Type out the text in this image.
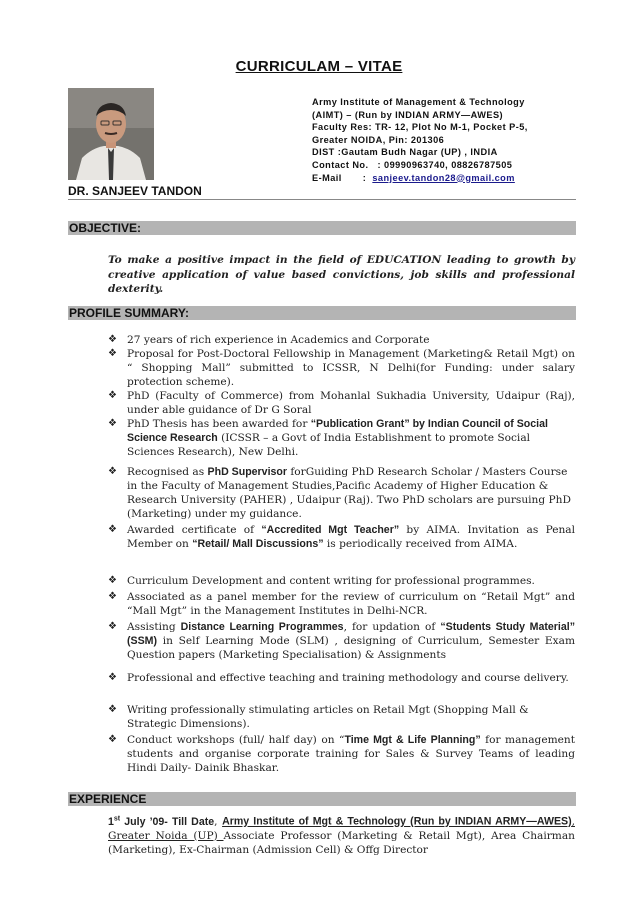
CURRICULAM – VITAE
Army Institute of Management & Technology
(AIMT) – (Run by INDIAN ARMY—AWES)
Faculty Res: TR- 12, Plot No M-1, Pocket P-5,
Greater NOIDA, Pin: 201306
DIST :Gautam Budh Nagar (UP) , INDIA
Contact No. : 09990963740, 08826787505
E-Mail : sanjeev.tandon28@gmail.com
DR. SANJEEV TANDON
OBJECTIVE:
To make a positive impact in the field of EDUCATION leading to growth by creative application of value based convictions, job skills and professional dexterity.
PROFILE SUMMARY:
❖ 27 years of rich experience in Academics and Corporate
❖ Proposal for Post-Doctoral Fellowship in Management (Marketing& Retail Mgt) on “ Shopping Mall” submitted to ICSSR, N Delhi(for Funding: under salary protection scheme).
❖ PhD (Faculty of Commerce) from Mohanlal Sukhadia University, Udaipur (Raj), under able guidance of Dr G Soral
❖ PhD Thesis has been awarded for “Publication Grant” by Indian Council of Social Science Research (ICSSR – a Govt of India Establishment to promote Social Sciences Research), New Delhi.
❖ Recognised as PhD Supervisor forGuiding PhD Research Scholar / Masters Course in the Faculty of Management Studies,Pacific Academy of Higher Education & Research University (PAHER) , Udaipur (Raj). Two PhD scholars are pursuing PhD (Marketing) under my guidance.
❖ Awarded certificate of “Accredited Mgt Teacher” by AIMA. Invitation as Penal Member on “Retail/ Mall Discussions” is periodically received from AIMA.
❖ Curriculum Development and content writing for professional programmes.
❖ Associated as a panel member for the review of curriculum on “Retail Mgt” and “Mall Mgt” in the Management Institutes in Delhi-NCR.
❖ Assisting Distance Learning Programmes, for updation of “Students Study Material” (SSM) in Self Learning Mode (SLM) , designing of Curriculum, Semester Exam Question papers (Marketing Specialisation) & Assignments
❖ Professional and effective teaching and training methodology and course delivery.
❖ Writing professionally stimulating articles on Retail Mgt (Shopping Mall & Strategic Dimensions).
❖ Conduct workshops (full/ half day) on “Time Mgt & Life Planning” for management students and organise corporate training for Sales & Survey Teams of leading Hindi Daily- Dainik Bhaskar.
EXPERIENCE
1st July ’09- Till Date, Army Institute of Mgt & Technology (Run by INDIAN ARMY—AWES), Greater Noida (UP) Associate Professor (Marketing & Retail Mgt), Area Chairman (Marketing), Ex-Chairman (Admission Cell) & Offg Director
